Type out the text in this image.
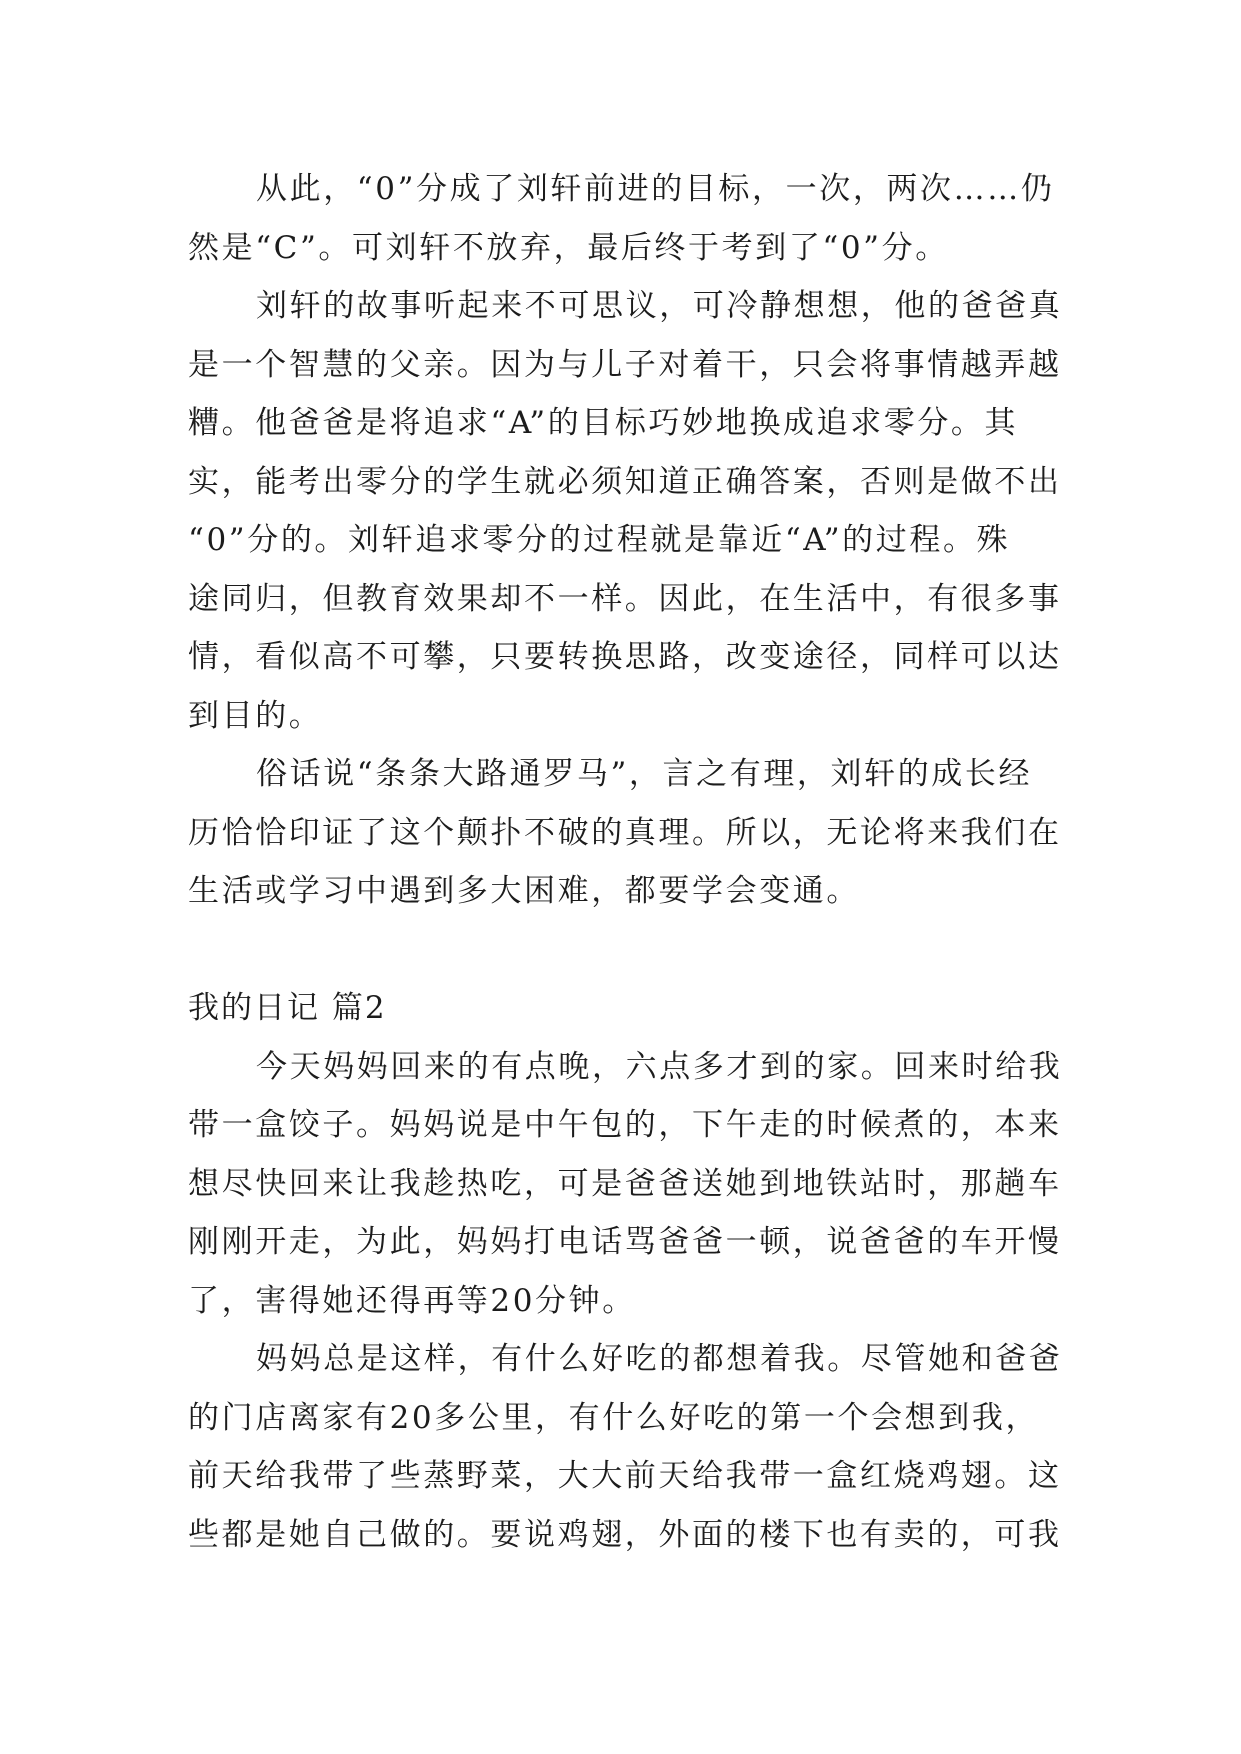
从此，“0”分成了刘轩前进的目标，一次，两次……仍
然是“C”。可刘轩不放弃，最后终于考到了“0”分。
刘轩的故事听起来不可思议，可冷静想想，他的爸爸真
是一个智慧的父亲。因为与儿子对着干，只会将事情越弄越
糟。他爸爸是将追求“A”的目标巧妙地换成追求零分。其
实，能考出零分的学生就必须知道正确答案，否则是做不出
“0”分的。刘轩追求零分的过程就是靠近“A”的过程。殊
途同归，但教育效果却不一样。因此，在生活中，有很多事
情，看似高不可攀，只要转换思路，改变途径，同样可以达
到目的。
俗话说“条条大路通罗马”，言之有理，刘轩的成长经
历恰恰印证了这个颠扑不破的真理。所以，无论将来我们在
生活或学习中遇到多大困难，都要学会变通。
我的日记 篇2
今天妈妈回来的有点晚，六点多才到的家。回来时给我
带一盒饺子。妈妈说是中午包的，下午走的时候煮的，本来
想尽快回来让我趁热吃，可是爸爸送她到地铁站时，那趟车
刚刚开走，为此，妈妈打电话骂爸爸一顿，说爸爸的车开慢
了，害得她还得再等20分钟。
妈妈总是这样，有什么好吃的都想着我。尽管她和爸爸
的门店离家有20多公里，有什么好吃的第一个会想到我，
前天给我带了些蒸野菜，大大前天给我带一盒红烧鸡翅。这
些都是她自己做的。要说鸡翅，外面的楼下也有卖的，可我
